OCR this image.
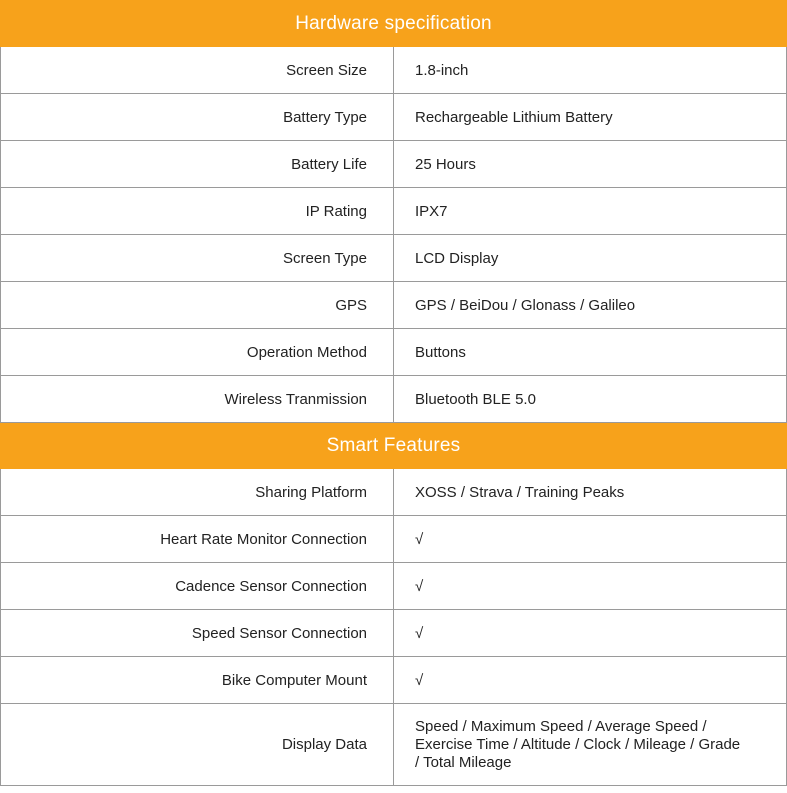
Hardware specification	
Screen Size	1.8-inch
Battery Type	Rechargeable Lithium Battery
Battery Life	25 Hours
IP Rating	IPX7
Screen Type	LCD Display
GPS	GPS / BeiDou / Glonass / Galileo
Operation Method	Buttons
Wireless Tranmission	Bluetooth BLE 5.0
Smart Features	
Sharing Platform	XOSS / Strava / Training Peaks
Heart Rate Monitor Connection	√
Cadence Sensor Connection	√
Speed Sensor Connection	√
Bike Computer Mount	√
Display Data	Speed / Maximum Speed / Average Speed / Exercise Time / Altitude / Clock / Mileage / Grade / Total Mileage
